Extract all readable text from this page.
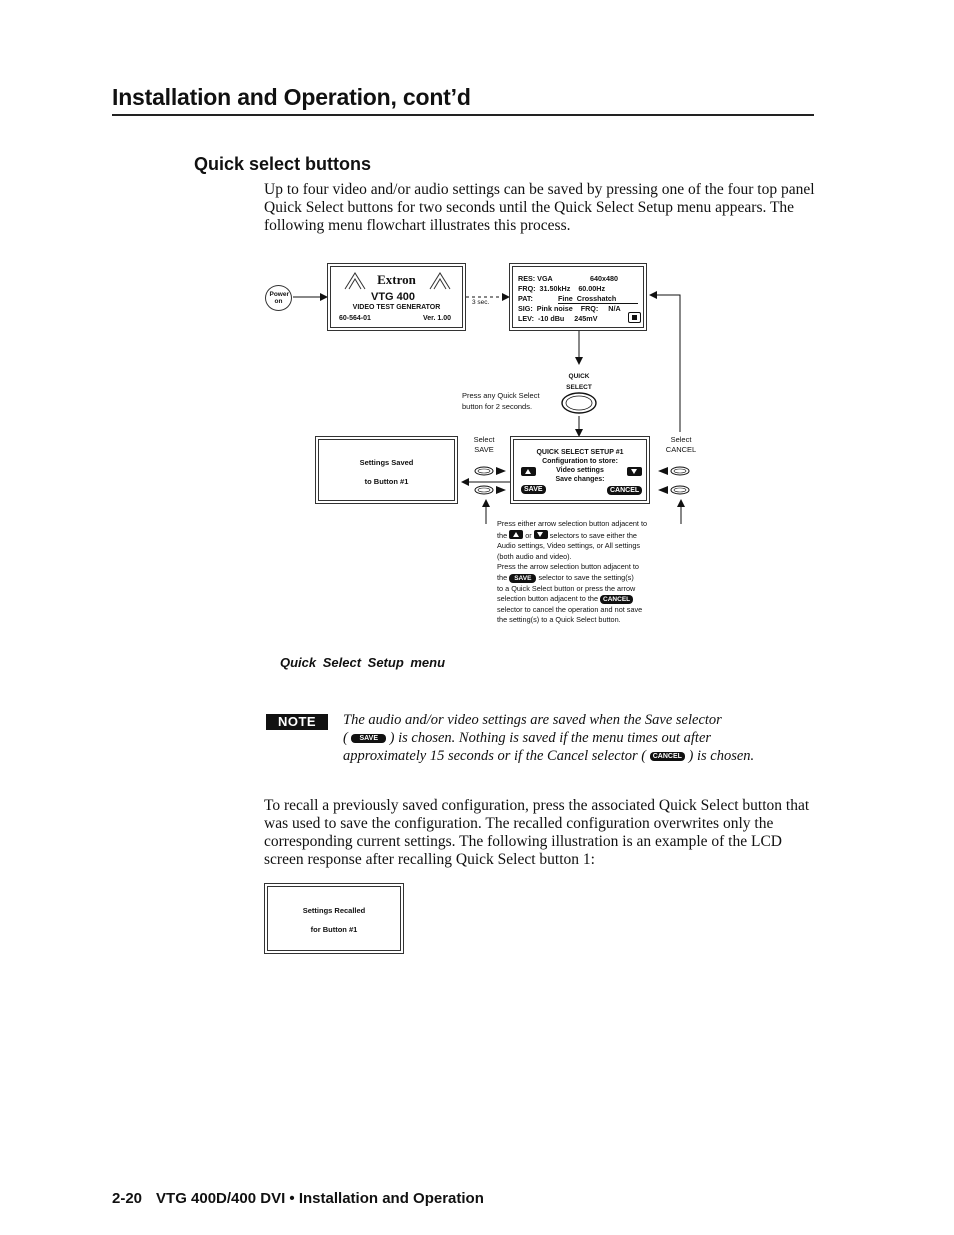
Installation and Operation, cont’d
Quick select buttons
Up to four video and/or audio settings can be saved by pressing one of the four top panel Quick Select buttons for two seconds until the Quick Select Setup menu appears. The following menu flowchart illustrates this process.
Power on
Extron
VTG 400
VIDEO TEST GENERATOR
60-564-01	Ver. 1.00
3 sec.
RES: VGA	640x480
FRQ:  31.50kHz    60.00Hz
PAT:	Fine  Crosshatch
SIG:  Pink noise    FRQ:     N/A
LEV:  -10 dBu     245mV
QUICK
SELECT
Press any Quick Select
button for 2 seconds.
Settings Saved
to Button #1
Select
SAVE
Select
CANCEL
QUICK SELECT SETUP #1
Configuration to store:
Video settings
Save changes:
SAVE	CANCEL
Press either arrow selection button adjacent to
the or selectors to save either the
Audio settings, Video settings, or All settings
(both audio and video).
Press the arrow selection button adjacent to
the SAVE selector to save the setting(s)
to a Quick Select button or press the arrow
selection button adjacent to the CANCEL
selector to cancel the operation and not save
the setting(s) to a Quick Select button.
Quick Select Setup menu
NOTE	The audio and/or video settings are saved when the Save selector
( SAVE ) is chosen. Nothing is saved if the menu times out after
approximately 15 seconds or if the Cancel selector ( CANCEL ) is chosen.
To recall a previously saved configuration, press the associated Quick Select button that was used to save the configuration. The recalled configuration overwrites only the corresponding current settings. The following illustration is an example of the LCD screen response after recalling Quick Select button 1:
Settings Recalled
for Button #1
2-20 VTG 400D/400 DVI • Installation and Operation
